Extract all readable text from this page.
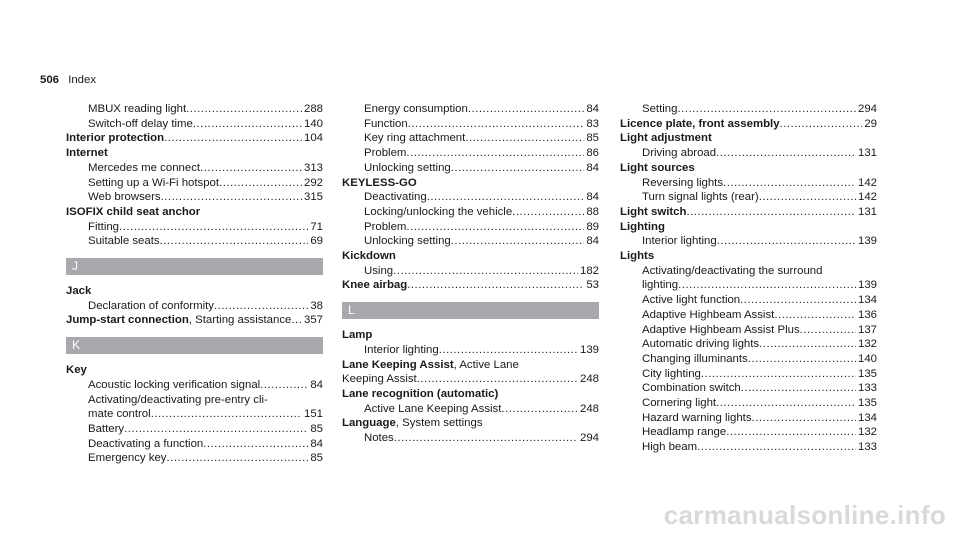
506 Index
MBUX reading light .....	288
Switch-off delay time .....	140
Interior protection .....	104
Internet
Mercedes me connect .....	313
Setting up a Wi-Fi hotspot .....	292
Web browsers .....	315
ISOFIX child seat anchor
Fitting .....	71
Suitable seats .....	69
J
Jack
Declaration of conformity .....	38
Jump-start connection, Starting assistance ..... 357
K
Key
Acoustic locking verification signal .....	84
Activating/deactivating pre-entry cli-
mate control .....	151
Battery .....	85
Deactivating a function .....	84
Emergency key .....	85
Energy consumption .....	84
Function .....	83
Key ring attachment .....	85
Problem .....	86
Unlocking setting .....	84
KEYLESS-GO
Deactivating .....	84
Locking/unlocking the vehicle .....	88
Problem .....	89
Unlocking setting .....	84
Kickdown
Using .....	182
Knee airbag .....	53
L
Lamp
Interior lighting .....	139
Lane Keeping Assist, Active Lane
Keeping Assist .....	248
Lane recognition (automatic)
Active Lane Keeping Assist .....	248
Language, System settings
Notes .....	294
Setting .....	294
Licence plate, front assembly .....	29
Light adjustment
Driving abroad .....	131
Light sources
Reversing lights .....	142
Turn signal lights (rear) .....	142
Light switch .....	131
Lighting
Interior lighting .....	139
Lights
Activating/deactivating the surround
lighting .....	139
Active light function .....	134
Adaptive Highbeam Assist .....	136
Adaptive Highbeam Assist Plus .....	137
Automatic driving lights .....	132
Changing illuminants .....	140
City lighting .....	135
Combination switch .....	133
Cornering light .....	135
Hazard warning lights .....	134
Headlamp range .....	132
High beam .....	133
carmanualsonline.info
